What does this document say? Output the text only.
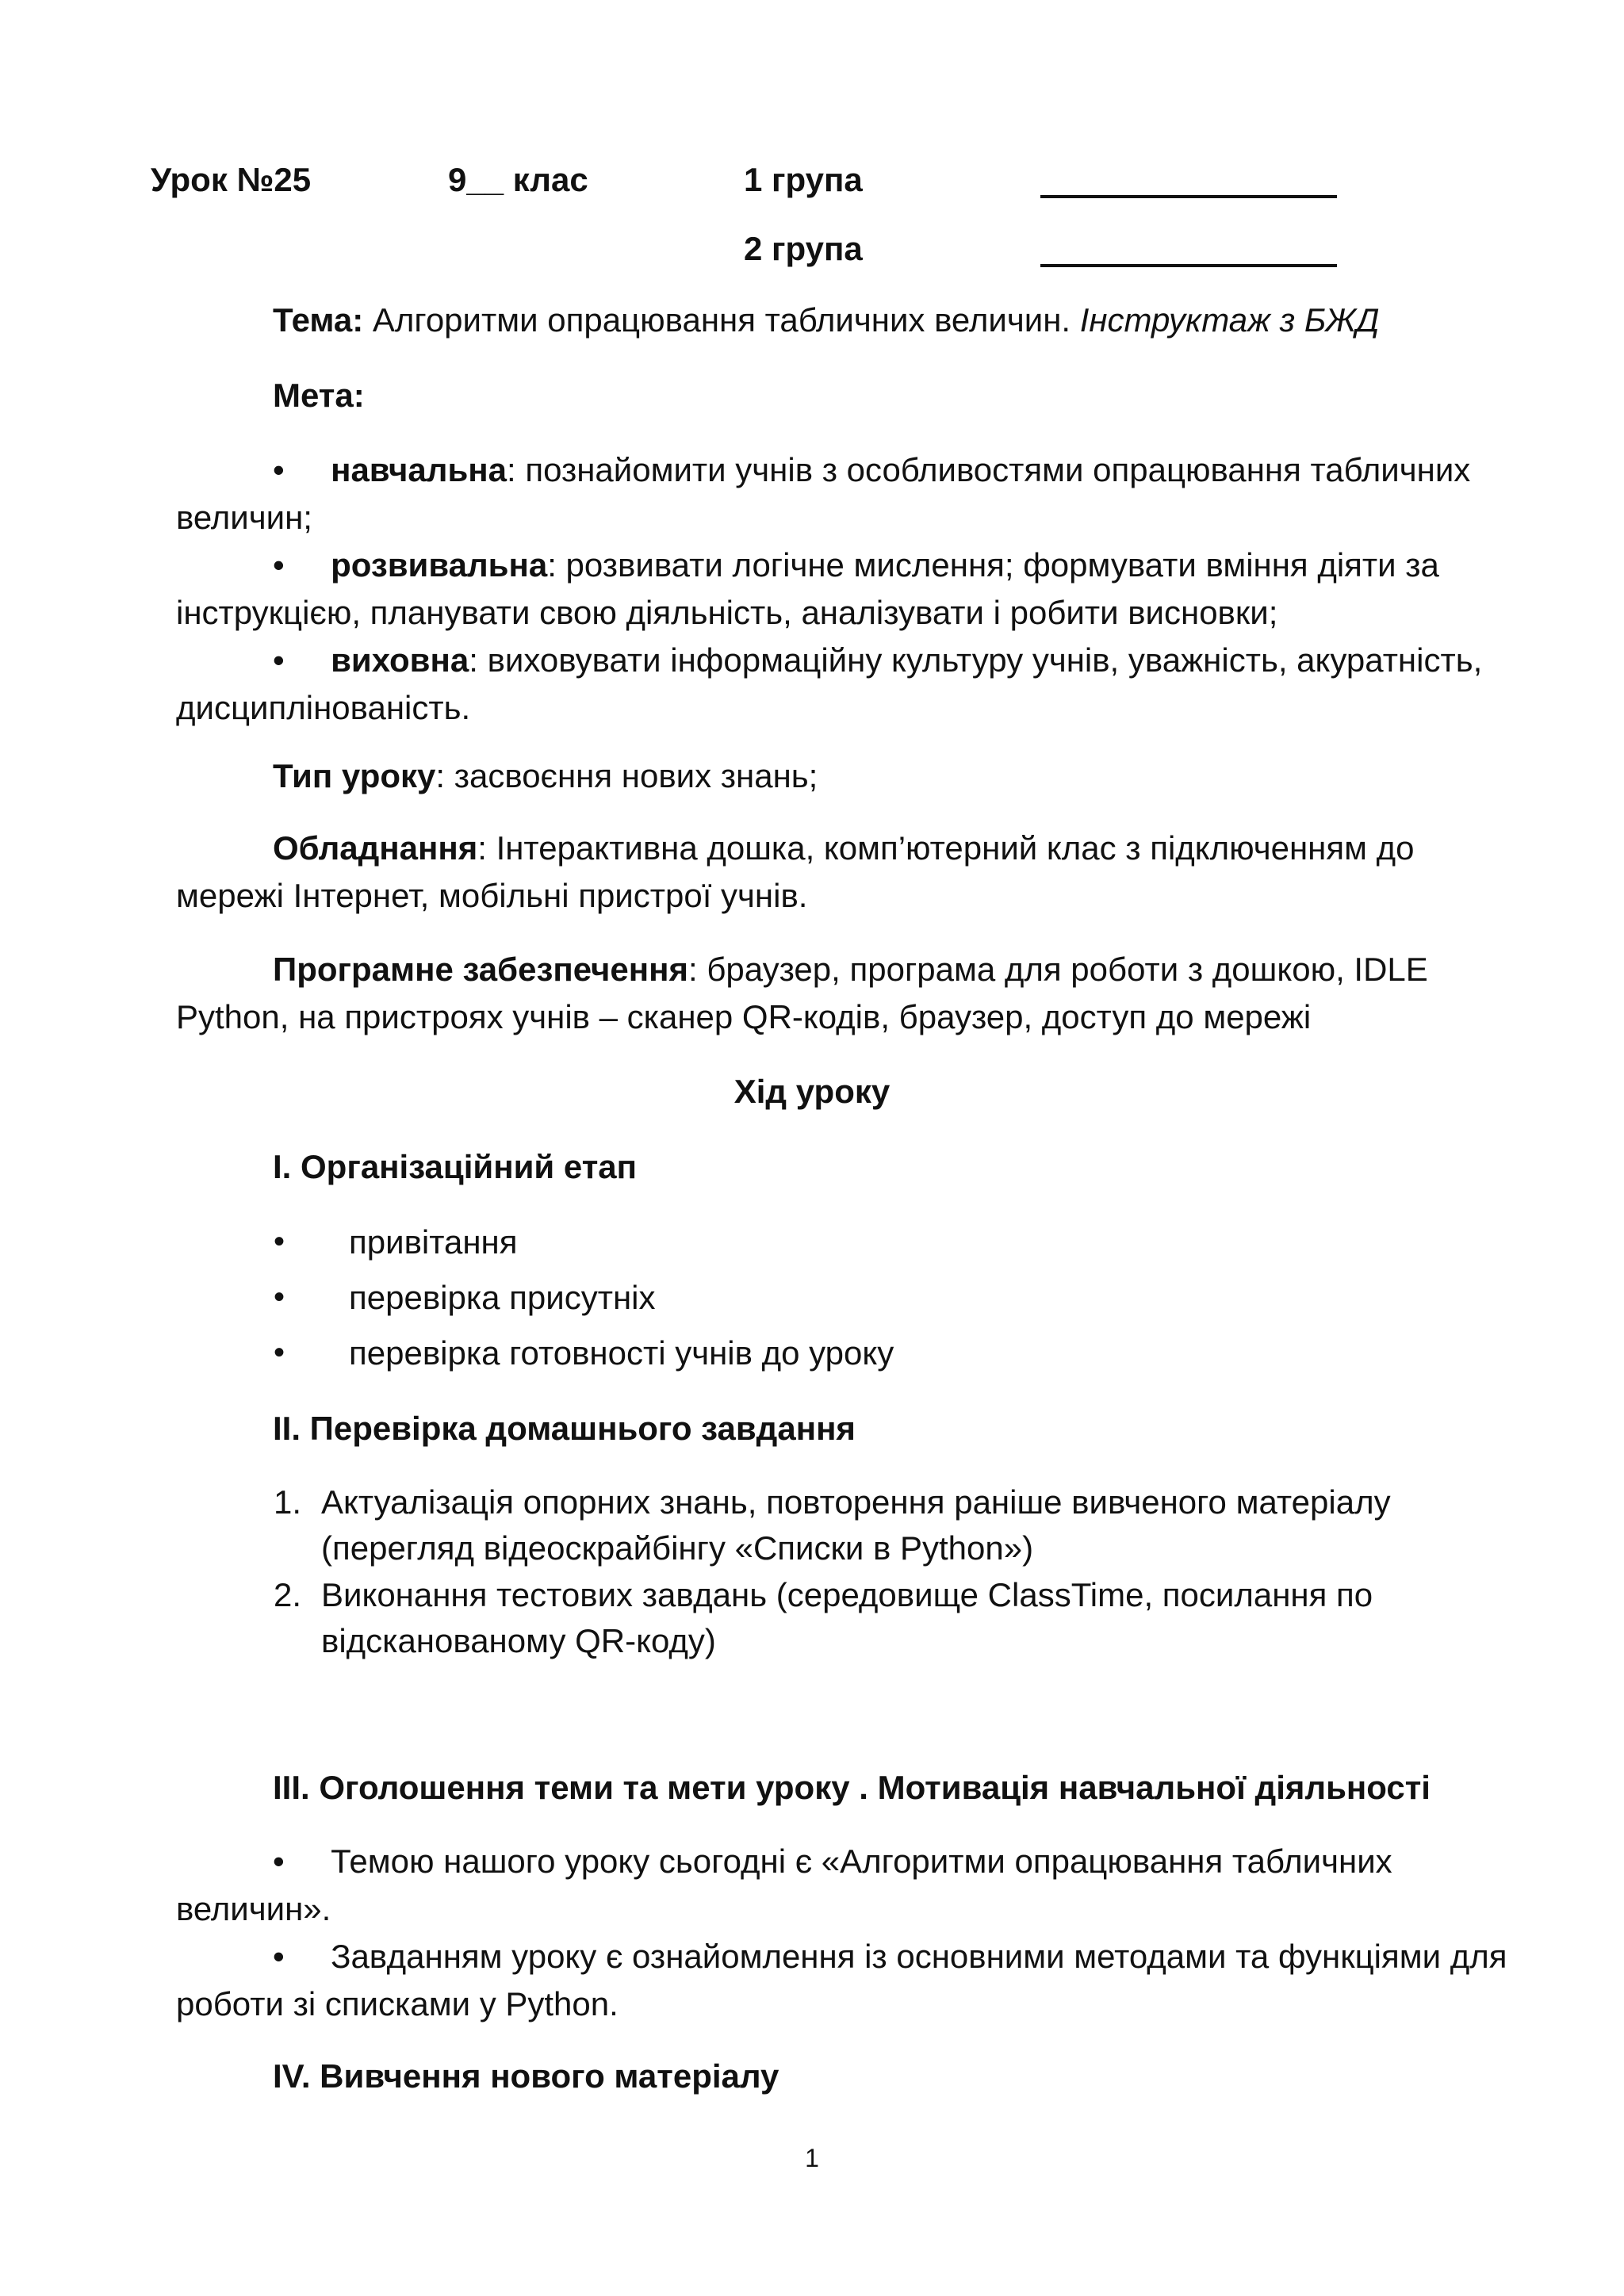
Урок №25	9__ клас	1 група
2 група
Тема: Алгоритми опрацювання табличних величин. Інструктаж з БЖД
Мета:
• навчальна: познайомити учнів з особливостями опрацювання табличних величин;
• розвивальна: розвивати логічне мислення; формувати вміння діяти за інструкцією, планувати свою діяльність, аналізувати і робити висновки;
• виховна: виховувати інформаційну культуру учнів, уважність, акуратність, дисциплінованість.
Тип уроку: засвоєння нових знань;
Обладнання: Інтерактивна дошка, комп’ютерний клас з підключенням до мережі Інтернет, мобільні пристрої учнів.
Програмне забезпечення: браузер, програма для роботи з дошкою, IDLE Python, на пристроях учнів – сканер QR-кодів, браузер, доступ до мережі
Хід уроку
I. Організаційний етап
• привітання
• перевірка присутніх
• перевірка готовності учнів до уроку
II. Перевірка домашнього завдання
1. Актуалізація опорних знань, повторення раніше вивченого матеріалу (перегляд відеоскрайбінгу «Списки в Python»)
2. Виконання тестових завдань (середовище ClassTime, посилання по відсканованому QR-коду)
III. Оголошення теми та мети уроку . Мотивація навчальної діяльності
• Темою нашого уроку сьогодні є «Алгоритми опрацювання табличних величин».
• Завданням уроку є ознайомлення із основними методами та функціями для роботи зі списками у Python.
IV. Вивчення нового матеріалу
1
